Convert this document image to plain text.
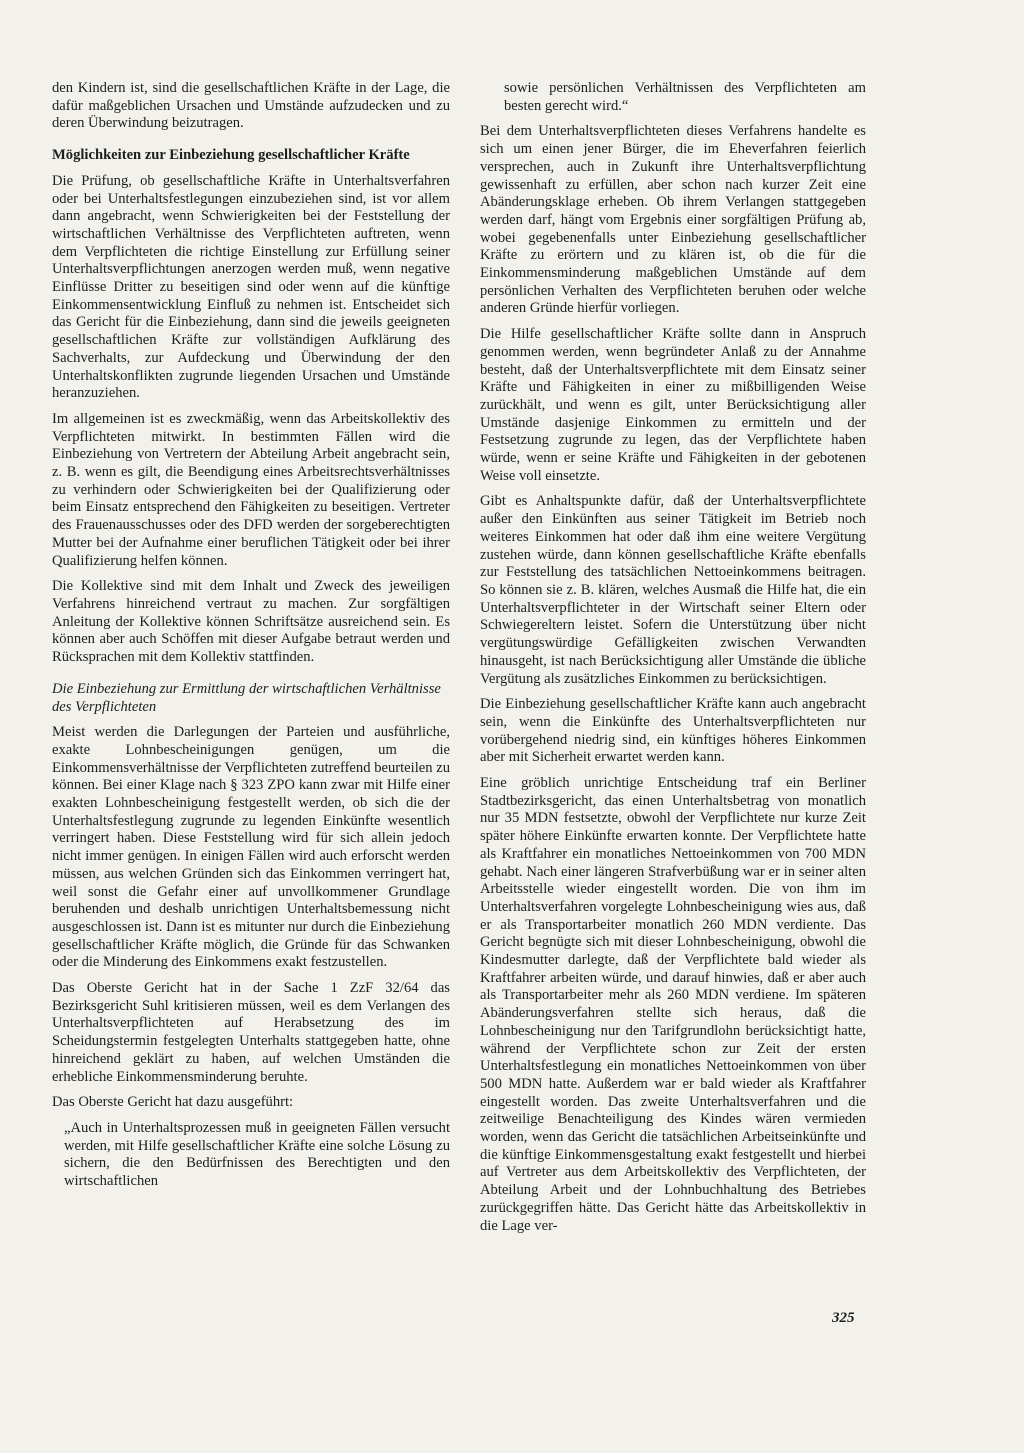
den Kindern ist, sind die gesellschaftlichen Kräfte in der Lage, die dafür maßgeblichen Ursachen und Umstände aufzudecken und zu deren Überwindung beizutragen.

Möglichkeiten zur Einbeziehung gesellschaftlicher Kräfte

Die Prüfung, ob gesellschaftliche Kräfte in Unterhaltsverfahren oder bei Unterhaltsfestlegungen einzubeziehen sind, ist vor allem dann angebracht, wenn Schwierigkeiten bei der Feststellung der wirtschaftlichen Verhältnisse des Verpflichteten auftreten, wenn dem Verpflichteten die richtige Einstellung zur Erfüllung seiner Unterhaltsverpflichtungen anerzogen werden muß, wenn negative Einflüsse Dritter zu beseitigen sind oder wenn auf die künftige Einkommensentwicklung Einfluß zu nehmen ist. Entscheidet sich das Gericht für die Einbeziehung, dann sind die jeweils geeigneten gesellschaftlichen Kräfte zur vollständigen Aufklärung des Sachverhalts, zur Aufdeckung und Überwindung der den Unterhaltskonflikten zugrunde liegenden Ursachen und Umstände heranzuziehen.

Im allgemeinen ist es zweckmäßig, wenn das Arbeitskollektiv des Verpflichteten mitwirkt. In bestimmten Fällen wird die Einbeziehung von Vertretern der Abteilung Arbeit angebracht sein, z. B. wenn es gilt, die Beendigung eines Arbeitsrechtsverhältnisses zu verhindern oder Schwierigkeiten bei der Qualifizierung oder beim Einsatz entsprechend den Fähigkeiten zu beseitigen. Vertreter des Frauenausschusses oder des DFD werden der sorgeberechtigten Mutter bei der Aufnahme einer beruflichen Tätigkeit oder bei ihrer Qualifizierung helfen können.

Die Kollektive sind mit dem Inhalt und Zweck des jeweiligen Verfahrens hinreichend vertraut zu machen. Zur sorgfältigen Anleitung der Kollektive können Schriftsätze ausreichend sein. Es können aber auch Schöffen mit dieser Aufgabe betraut werden und Rücksprachen mit dem Kollektiv stattfinden.

Die Einbeziehung zur Ermittlung der wirtschaftlichen Verhältnisse des Verpflichteten

Meist werden die Darlegungen der Parteien und ausführliche, exakte Lohnbescheinigungen genügen, um die Einkommensverhältnisse der Verpflichteten zutreffend beurteilen zu können. Bei einer Klage nach § 323 ZPO kann zwar mit Hilfe einer exakten Lohnbescheinigung festgestellt werden, ob sich die der Unterhaltsfestlegung zugrunde zu legenden Einkünfte wesentlich verringert haben. Diese Feststellung wird für sich allein jedoch nicht immer genügen. In einigen Fällen wird auch erforscht werden müssen, aus welchen Gründen sich das Einkommen verringert hat, weil sonst die Gefahr einer auf unvollkommener Grundlage beruhenden und deshalb unrichtigen Unterhaltsbemessung nicht ausgeschlossen ist. Dann ist es mitunter nur durch die Einbeziehung gesellschaftlicher Kräfte möglich, die Gründe für das Schwanken oder die Minderung des Einkommens exakt festzustellen.

Das Oberste Gericht hat in der Sache 1 ZzF 32/64 das Bezirksgericht Suhl kritisieren müssen, weil es dem Verlangen des Unterhaltsverpflichteten auf Herabsetzung des im Scheidungstermin festgelegten Unterhalts stattgegeben hatte, ohne hinreichend geklärt zu haben, auf welchen Umständen die erhebliche Einkommensminderung beruhte.

Das Oberste Gericht hat dazu ausgeführt:

„Auch in Unterhaltsprozessen muß in geeigneten Fällen versucht werden, mit Hilfe gesellschaftlicher Kräfte eine solche Lösung zu sichern, die den Bedürfnissen des Berechtigten und den wirtschaftlichen

sowie persönlichen Verhältnissen des Verpflichteten am besten gerecht wird.“

Bei dem Unterhaltsverpflichteten dieses Verfahrens handelte es sich um einen jener Bürger, die im Eheverfahren feierlich versprechen, auch in Zukunft ihre Unterhaltsverpflichtung gewissenhaft zu erfüllen, aber schon nach kurzer Zeit eine Abänderungsklage erheben. Ob ihrem Verlangen stattgegeben werden darf, hängt vom Ergebnis einer sorgfältigen Prüfung ab, wobei gegebenenfalls unter Einbeziehung gesellschaftlicher Kräfte zu erörtern und zu klären ist, ob die für die Einkommensminderung maßgeblichen Umstände auf dem persönlichen Verhalten des Verpflichteten beruhen oder welche anderen Gründe hierfür vorliegen.

Die Hilfe gesellschaftlicher Kräfte sollte dann in Anspruch genommen werden, wenn begründeter Anlaß zu der Annahme besteht, daß der Unterhaltsverpflichtete mit dem Einsatz seiner Kräfte und Fähigkeiten in einer zu mißbilligenden Weise zurückhält, und wenn es gilt, unter Berücksichtigung aller Umstände dasjenige Einkommen zu ermitteln und der Festsetzung zugrunde zu legen, das der Verpflichtete haben würde, wenn er seine Kräfte und Fähigkeiten in der gebotenen Weise voll einsetzte.

Gibt es Anhaltspunkte dafür, daß der Unterhaltsverpflichtete außer den Einkünften aus seiner Tätigkeit im Betrieb noch weiteres Einkommen hat oder daß ihm eine weitere Vergütung zustehen würde, dann können gesellschaftliche Kräfte ebenfalls zur Feststellung des tatsächlichen Nettoeinkommens beitragen. So können sie z. B. klären, welches Ausmaß die Hilfe hat, die ein Unterhaltsverpflichteter in der Wirtschaft seiner Eltern oder Schwiegereltern leistet. Sofern die Unterstützung über nicht vergütungswürdige Gefälligkeiten zwischen Verwandten hinausgeht, ist nach Berücksichtigung aller Umstände die übliche Vergütung als zusätzliches Einkommen zu berücksichtigen.

Die Einbeziehung gesellschaftlicher Kräfte kann auch angebracht sein, wenn die Einkünfte des Unterhaltsverpflichteten nur vorübergehend niedrig sind, ein künftiges höheres Einkommen aber mit Sicherheit erwartet werden kann.

Eine gröblich unrichtige Entscheidung traf ein Berliner Stadtbezirksgericht, das einen Unterhaltsbetrag von monatlich nur 35 MDN festsetzte, obwohl der Verpflichtete nur kurze Zeit später höhere Einkünfte erwarten konnte. Der Verpflichtete hatte als Kraftfahrer ein monatliches Nettoeinkommen von 700 MDN gehabt. Nach einer längeren Strafverbüßung war er in seiner alten Arbeitsstelle wieder eingestellt worden. Die von ihm im Unterhaltsverfahren vorgelegte Lohnbescheinigung wies aus, daß er als Transportarbeiter monatlich 260 MDN verdiente. Das Gericht begnügte sich mit dieser Lohnbescheinigung, obwohl die Kindesmutter darlegte, daß der Verpflichtete bald wieder als Kraftfahrer arbeiten würde, und darauf hinwies, daß er aber auch als Transportarbeiter mehr als 260 MDN verdiene. Im späteren Abänderungsverfahren stellte sich heraus, daß die Lohnbescheinigung nur den Tarifgrundlohn berücksichtigt hatte, während der Verpflichtete schon zur Zeit der ersten Unterhaltsfestlegung ein monatliches Nettoeinkommen von über 500 MDN hatte. Außerdem war er bald wieder als Kraftfahrer eingestellt worden. Das zweite Unterhaltsverfahren und die zeitweilige Benachteiligung des Kindes wären vermieden worden, wenn das Gericht die tatsächlichen Arbeitseinkünfte und die künftige Einkommensgestaltung exakt festgestellt und hierbei auf Vertreter aus dem Arbeitskollektiv des Verpflichteten, der Abteilung Arbeit und der Lohnbuchhaltung des Betriebes zurückgegriffen hätte. Das Gericht hätte das Arbeitskollektiv in die Lage ver-

325
